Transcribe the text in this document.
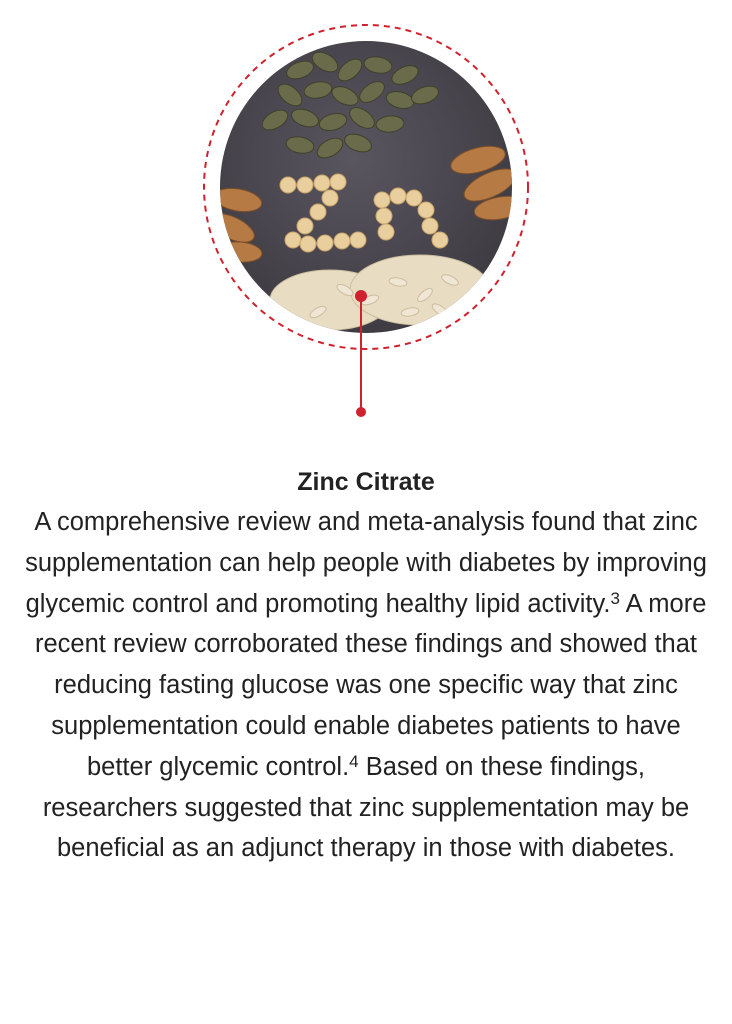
Zinc Citrate

A comprehensive review and meta-analysis found that zinc supplementation can help people with diabetes by improving glycemic control and promoting healthy lipid activity.$^3$ A more recent review corroborated these findings and showed that reducing fasting glucose was one specific way that zinc supplementation could enable diabetes patients to have better glycemic control.$^4$ Based on these findings, researchers suggested that zinc supplementation may be beneficial as an adjunct therapy in those with diabetes.
